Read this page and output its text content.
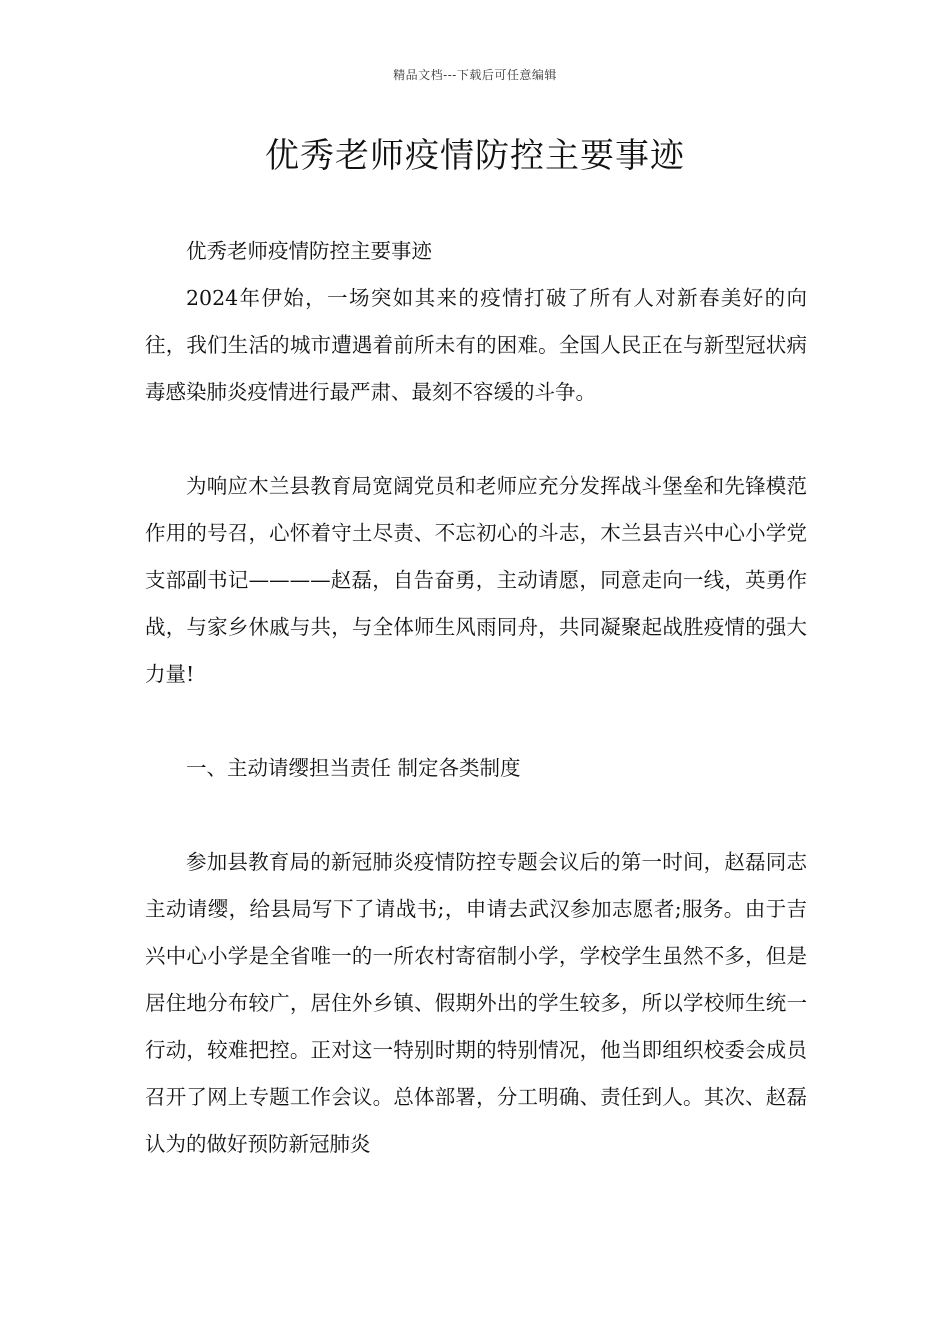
精品文档---下载后可任意编辑
优秀老师疫情防控主要事迹

优秀老师疫情防控主要事迹

2024年伊始，一场突如其来的疫情打破了所有人对新春美好的向往，我们生活的城市遭遇着前所未有的困难。全国人民正在与新型冠状病毒感染肺炎疫情进行最严肃、最刻不容缓的斗争。

为响应木兰县教育局宽阔党员和老师应充分发挥战斗堡垒和先锋模范作用的号召，心怀着守土尽责、不忘初心的斗志，木兰县吉兴中心小学党支部副书记————赵磊，自告奋勇，主动请愿，同意走向一线，英勇作战，与家乡休戚与共，与全体师生风雨同舟，共同凝聚起战胜疫情的强大力量!

一、主动请缨担当责任 制定各类制度

参加县教育局的新冠肺炎疫情防控专题会议后的第一时间，赵磊同志主动请缨，给县局写下了请战书;，申请去武汉参加志愿者;服务。由于吉兴中心小学是全省唯一的一所农村寄宿制小学，学校学生虽然不多，但是居住地分布较广，居住外乡镇、假期外出的学生较多，所以学校师生统一行动，较难把控。正对这一特别时期的特别情况，他当即组织校委会成员召开了网上专题工作会议。总体部署，分工明确、责任到人。其次、赵磊认为的做好预防新冠肺炎
